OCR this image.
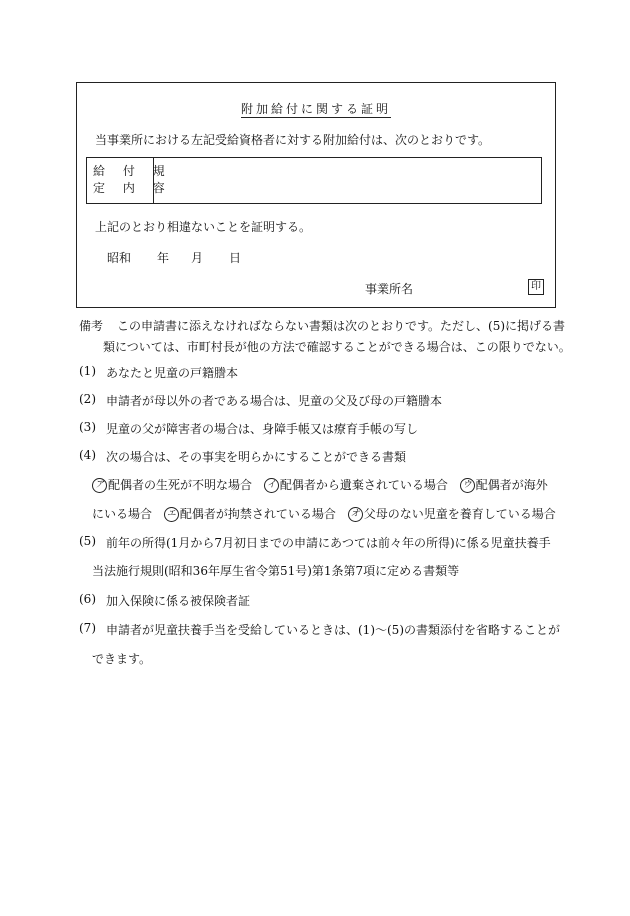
附加給付に関する証明
当事業所における左記受給資格者に対する附加給付は、次のとおりです。
給 付 規
定 内 容
上記のとおり相違ないことを証明する。
昭和 年 月 日
事業所名	印
備考 この申請書に添えなければならない書類は次のとおりです。ただし、(5)に掲げる書
類については、市町村長が他の方法で確認することができる場合は、この限りでない。
(1) あなたと児童の戸籍謄本
(2) 申請者が母以外の者である場合は、児童の父及び母の戸籍謄本
(3) 児童の父が障害者の場合は、身障手帳又は療育手帳の写し
(4) 次の場合は、その事実を明らかにすることができる書類
ア 配偶者の生死が不明な場合 イ 配偶者から遺棄されている場合 ウ 配偶者が海外
にいる場合 エ 配偶者が拘禁されている場合 オ 父母のない児童を養育している場合
(5) 前年の所得(1月から7月初日までの申請にあつては前々年の所得)に係る児童扶養手
当法施行規則(昭和36年厚生省令第51号)第1条第7項に定める書類等
(6) 加入保険に係る被保険者証
(7) 申請者が児童扶養手当を受給しているときは、(1)～(5)の書類添付を省略することが
できます。
